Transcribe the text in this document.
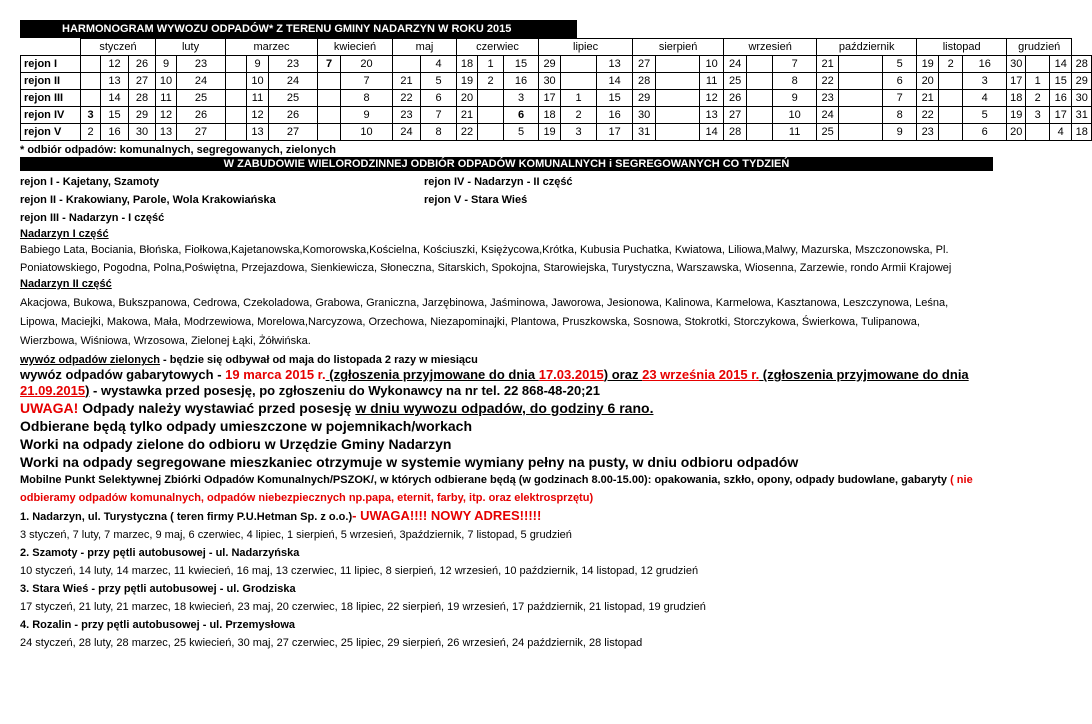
HARMONOGRAM WYWOZU ODPADÓW* Z TERENU GMINY NADARZYN W ROKU 2015
	styczeń			luty		marzec			kwiecień		maj		czerwiec			lipiec			sierpień			wrzesień			październik			listopad			grudzień			
rejon I		12	26	9	23		9	23	7	20		4	18	1	15	29		13	27		10	24		7	21		5	19	2	16	30		14	28
rejon II		13	27	10	24		10	24		7	21	5	19	2	16	30		14	28		11	25		8	22		6	20		3	17	1	15	29
rejon III		14	28	11	25		11	25		8	22	6	20		3	17	1	15	29		12	26		9	23		7	21		4	18	2	16	30
rejon IV	3	15	29	12	26		12	26		9	23	7	21		6	18	2	16	30		13	27		10	24		8	22		5	19	3	17	31
rejon V	2	16	30	13	27		13	27		10	24	8	22		5	19	3	17	31		14	28		11	25		9	23		6	20		4	18
* odbiór odpadów: komunalnych, segregowanych, zielonych
W ZABUDOWIE WIELORODZINNEJ ODBIÓR ODPADÓW KOMUNALNYCH i SEGREGOWANYCH CO TYDZIEŃ
rejon I - Kajetany, Szamoty
rejon II - Krakowiany, Parole, Wola Krakowiańska
rejon III - Nadarzyn - I część
rejon IV - Nadarzyn - II część
rejon V - Stara Wieś
Nadarzyn I część
Babiego Lata, Bociania, Błońska, Fiołkowa,Kajetanowska,Komorowska,Kościelna, Kościuszki, Księżycowa,Krótka, Kubusia Puchatka, Kwiatowa, Liliowa,Malwy, Mazurska, Mszczonowska, Pl. Poniatowskiego, Pogodna, Polna,Poświętna, Przejazdowa, Sienkiewicza, Słoneczna, Sitarskich, Spokojna, Starowiejska, Turystyczna, Warszawska, Wiosenna, Zarzewie, rondo Armii Krajowej
Nadarzyn II część
Akacjowa, Bukowa, Bukszpanowa, Cedrowa, Czekoladowa, Grabowa, Graniczna, Jarzębinowa, Jaśminowa, Jaworowa, Jesionowa, Kalinowa, Karmelowa, Kasztanowa, Leszczynowa, Leśna, Lipowa, Maciejki, Makowa, Mała, Modrzewiowa, Morelowa,Narcyzowa, Orzechowa, Niezapominajki, Plantowa, Pruszkowska, Sosnowa, Stokrotki, Storczykowa, Świerkowa, Tulipanowa, Wierzbowa, Wiśniowa, Wrzosowa, Zielonej Łąki, Żółwińska.
wywóz odpadów zielonych - będzie się odbywał od maja do listopada 2 razy w miesiącu
wywóz odpadów gabarytowych - 19 marca 2015 r. (zgłoszenia przyjmowane do dnia 17.03.2015) oraz 23 września 2015 r. (zgłoszenia przyjmowane do dnia 21.09.2015) - wystawka przed posesję, po zgłoszeniu do Wykonawcy na nr tel. 22 868-48-20;21
UWAGA! Odpady należy wystawiać przed posesję w dniu wywozu odpadów, do godziny 6 rano.
Odbierane będą tylko odpady umieszczone w pojemnikach/workach
Worki na odpady zielone do odbioru w Urzędzie Gminy Nadarzyn
Worki na odpady segregowane mieszkaniec otrzymuje w systemie wymiany pełny na pusty, w dniu odbioru odpadów
Mobilne Punkt Selektywnej Zbiórki Odpadów Komunalnych/PSZOK/, w których odbierane będą (w godzinach 8.00-15.00): opakowania, szkło, opony, odpady budowlane, gabaryty ( nie odbieramy odpadów komunalnych, odpadów niebezpiecznych np.papa, eternit, farby, itp. oraz elektrosprzętu)
1. Nadarzyn, ul. Turystyczna ( teren firmy P.U.Hetman Sp. z o.o.)- UWAGA!!!! NOWY ADRES!!!!!
3 styczeń, 7 luty, 7 marzec, 9 maj, 6 czerwiec, 4 lipiec, 1 sierpień, 5 wrzesień, 3październik, 7 listopad, 5 grudzień
2. Szamoty - przy pętli autobusowej - ul. Nadarzyńska
10 styczeń, 14 luty, 14 marzec, 11 kwiecień, 16 maj, 13 czerwiec, 11 lipiec, 8 sierpień, 12 wrzesień, 10 październik, 14 listopad, 12 grudzień
3. Stara Wieś - przy pętli autobusowej - ul. Grodziska
17 styczeń, 21 luty, 21 marzec, 18 kwiecień, 23 maj, 20 czerwiec, 18 lipiec, 22 sierpień, 19 wrzesień, 17 październik, 21 listopad, 19 grudzień
4. Rozalin - przy pętli autobusowej - ul. Przemysłowa
24 styczeń, 28 luty, 28 marzec, 25 kwiecień, 30 maj, 27 czerwiec, 25 lipiec, 29 sierpień, 26 wrzesień, 24 październik, 28 listopad
